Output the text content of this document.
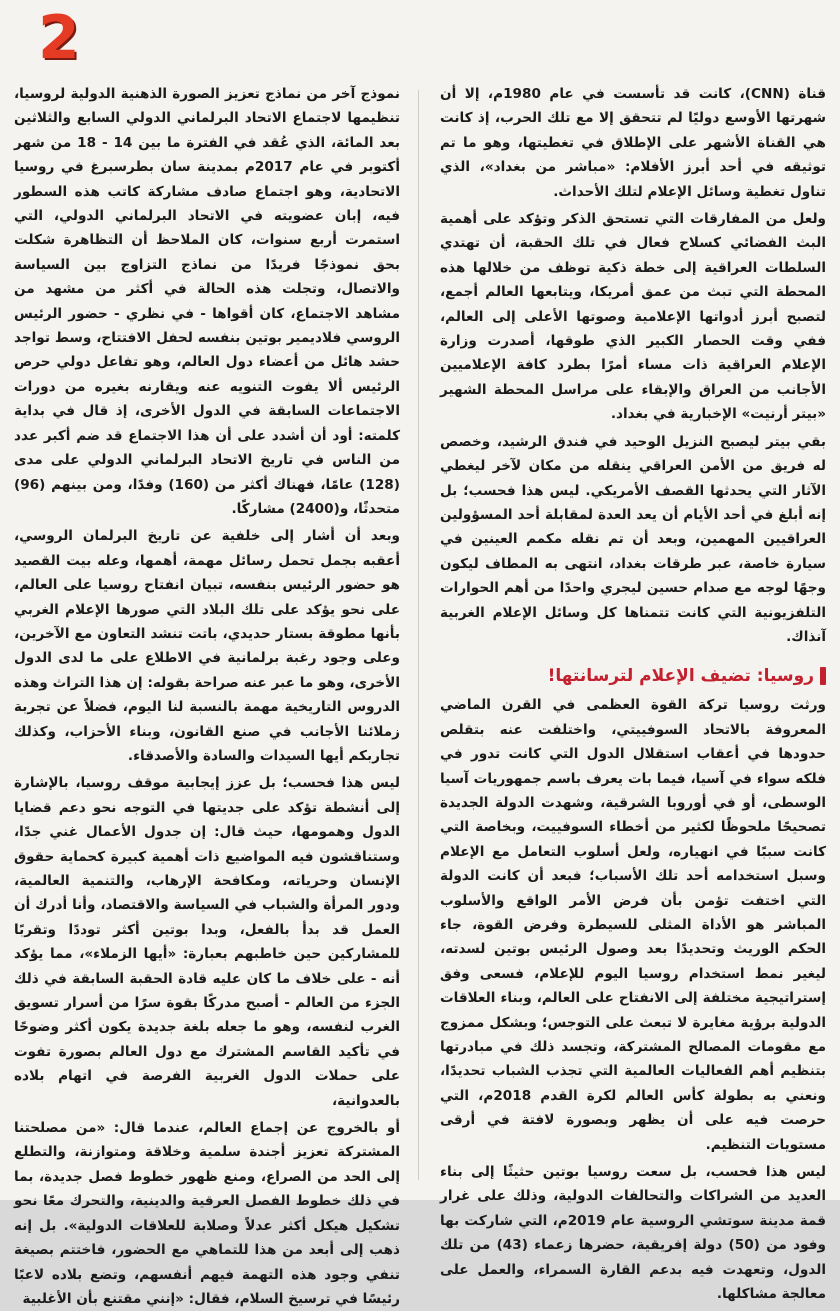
2

قناة (CNN)، كانت قد تأسست في عام 1980م، إلا أن شهرتها الأوسع دوليًا لم تتحقق إلا مع تلك الحرب، إذ كانت هي القناة الأشهر على الإطلاق في تغطيتها، وهو ما تم توثيقه في أحد أبرز الأفلام: «مباشر من بغداد»، الذي تناول تغطية وسائل الإعلام لتلك الأحداث.

ولعل من المفارقات التي تستحق الذكر وتؤكد على أهمية البث الفضائي كسلاح فعال في تلك الحقبة، أن تهتدي السلطات العراقية إلى خطة ذكية توظف من خلالها هذه المحطة التي تبث من عمق أمريكا، ويتابعها العالم أجمع، لتصبح أبرز أدواتها الإعلامية وصوتها الأعلى إلى العالم، ففي وقت الحصار الكبير الذي طوقها، أصدرت وزارة الإعلام العراقية ذات مساء أمرًا بطرد كافة الإعلاميين الأجانب من العراق والإبقاء على مراسل المحطة الشهير «بيتر أرنيت» الإخبارية في بغداد.

بقي بيتر ليصبح النزيل الوحيد في فندق الرشيد، وخصص له فريق من الأمن العراقي ينقله من مكان لآخر ليغطي الآثار التي يحدثها القصف الأمريكي. ليس هذا فحسب؛ بل إنه أبلغ في أحد الأيام أن يعد العدة لمقابلة أحد المسؤولين العراقيين المهمين، وبعد أن تم نقله مكمم العينين في سيارة خاصة، عبر طرقات بغداد، انتهى به المطاف ليكون وجهًا لوجه مع صدام حسين ليجري واحدًا من أهم الحوارات التلفزيونية التي كانت تتمناها كل وسائل الإعلام الغربية آنذاك.

روسيا: تضيف الإعلام لترسانتها!

ورثت روسيا تركة القوة العظمى في القرن الماضي المعروفة بالاتحاد السوفييتي، واختلفت عنه بتقلص حدودها في أعقاب استقلال الدول التي كانت تدور في فلكه سواء في آسيا، فيما بات يعرف باسم جمهوريات آسيا الوسطى، أو في أوروبا الشرقية، وشهدت الدولة الجديدة تصحيحًا ملحوظًا لكثير من أخطاء السوفييت، وبخاصة التي كانت سببًا في انهياره، ولعل أسلوب التعامل مع الإعلام وسبل استخدامه أحد تلك الأسباب؛ فبعد أن كانت الدولة التي اختفت تؤمن بأن فرض الأمر الواقع والأسلوب المباشر هو الأداة المثلى للسيطرة وفرض القوة، جاء الحكم الوريث وتحديدًا بعد وصول الرئيس بوتين لسدته، ليغير نمط استخدام روسيا اليوم للإعلام، فسعى وفق إستراتيجية مختلفة إلى الانفتاح على العالم، وبناء العلاقات الدولية برؤية مغايرة لا تبعث على التوجس؛ وبشكل ممزوج مع مقومات المصالح المشتركة، وتجسد ذلك في مبادرتها بتنظيم أهم الفعاليات العالمية التي تجذب الشباب تحديدًا، ونعني به بطولة كأس العالم لكرة القدم 2018م، التي حرصت فيه على أن يظهر وبصورة لافتة في أرقى مستويات التنظيم.

ليس هذا فحسب، بل سعت روسيا بوتين حثيثًا إلى بناء العديد من الشراكات والتحالفات الدولية، وذلك على غرار قمة مدينة سوتشي الروسية عام 2019م، التي شاركت بها وفود من (50) دولة إفريقية، حضرها زعماء (43) من تلك الدول، وتعهدت فيه بدعم القارة السمراء، والعمل على معالجة مشاكلها.

نموذج آخر من نماذج تعزيز الصورة الذهنية الدولية لروسيا، تنظيمها لاجتماع الاتحاد البرلماني الدولي السابع والثلاثين بعد المائة، الذي عُقد في الفترة ما بين 14 - 18 من شهر أكتوبر في عام 2017م بمدينة سان بطرسبرغ في روسيا الاتحادية، وهو اجتماع صادف مشاركة كاتب هذه السطور فيه، إبان عضويته في الاتحاد البرلماني الدولي، التي استمرت أربع سنوات، كان الملاحظ أن التظاهرة شكلت بحق نموذجًا فريدًا من نماذج التزاوج بين السياسة والاتصال، وتجلت هذه الحالة في أكثر من مشهد من مشاهد الاجتماع، كان أقواها - في نظري - حضور الرئيس الروسي فلاديمير بوتين بنفسه لحفل الافتتاح، وسط تواجد حشد هائل من أعضاء دول العالم، وهو تفاعل دولي حرص الرئيس ألا يفوت التنويه عنه ويقارنه بغيره من دورات الاجتماعات السابقة في الدول الأخرى، إذ قال في بداية كلمته: أود أن أشدد على أن هذا الاجتماع قد ضم أكبر عدد من الناس في تاريخ الاتحاد البرلماني الدولي على مدى (128) عامًا، فهناك أكثر من (160) وفدًا، ومن بينهم (96) متحدثًا، و(2400) مشاركًا.

وبعد أن أشار إلى خلفية عن تاريخ البرلمان الروسي، أعقبه بجمل تحمل رسائل مهمة، أهمها، وعله بيت القصيد هو حضور الرئيس بنفسه، تبيان انفتاح روسيا على العالم، على نحو يؤكد على تلك البلاد التي صورها الإعلام الغربي بأنها مطوقة بستار حديدي، باتت تنشد التعاون مع الآخرين، وعلى وجود رغبة برلمانية في الاطلاع على ما لدى الدول الأخرى، وهو ما عبر عنه صراحة بقوله: إن هذا التراث وهذه الدروس التاريخية مهمة بالنسبة لنا اليوم، فضلاً عن تجربة زملائنا الأجانب في صنع القانون، وبناء الأحزاب، وكذلك تجاربكم أيها السيدات والسادة والأصدقاء.

ليس هذا فحسب؛ بل عزز إيجابية موقف روسيا، بالإشارة إلى أنشطة تؤكد على جديتها في التوجه نحو دعم قضايا الدول وهمومها، حيث قال: إن جدول الأعمال غني جدًا، وستناقشون فيه المواضيع ذات أهمية كبيرة كحماية حقوق الإنسان وحرياته، ومكافحة الإرهاب، والتنمية العالمية، ودور المرأة والشباب في السياسة والاقتصاد، وأنا أدرك أن العمل قد بدأ بالفعل، وبدا بوتين أكثر توددًا وتقربًا للمشاركين حين خاطبهم بعبارة: «أيها الزملاء»، مما يؤكد أنه - على خلاف ما كان عليه قادة الحقبة السابقة في ذلك الجزء من العالم - أصبح مدركًا بقوة سرًا من أسرار تسويق الغرب لنفسه، وهو ما جعله بلغة جديدة يكون أكثر وضوحًا في تأكيد القاسم المشترك مع دول العالم بصورة تفوت على حملات الدول الغربية الفرصة في اتهام بلاده بالعدوانية،

أو بالخروج عن إجماع العالم، عندما قال: «من مصلحتنا المشتركة تعزيز أجندة سلمية وخلاقة ومتوازنة، والتطلع إلى الحد من الصراع، ومنع ظهور خطوط فصل جديدة، بما في ذلك خطوط الفصل العرقية والدينية، والتحرك معًا نحو تشكيل هيكل أكثر عدلاً وصلابة للعلاقات الدولية». بل إنه ذهب إلى أبعد من هذا للتماهي مع الحضور، فاختتم بصيغة تنفي وجود هذه التهمة فيهم أنفسهم، وتضع بلاده لاعبًا رئيسًا في ترسيخ السلام، فقال: «إنني مقتنع بأن الأغلبية
